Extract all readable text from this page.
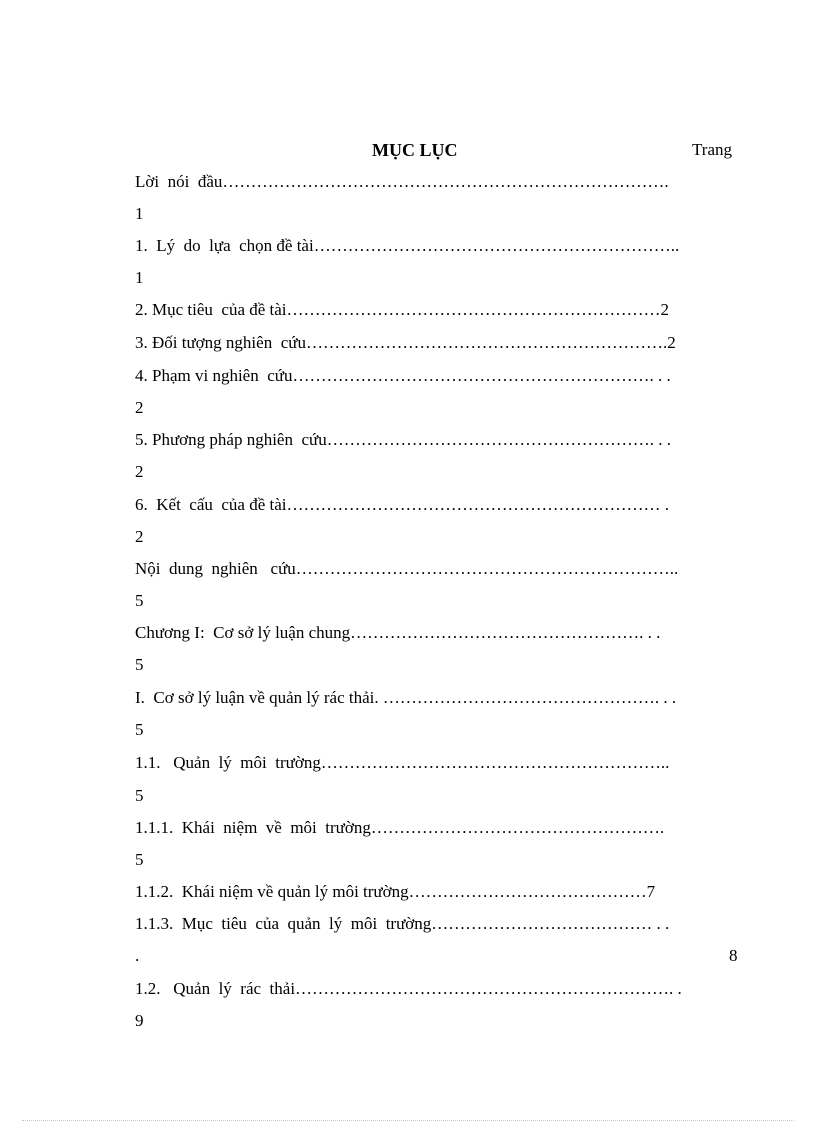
MỤC LỤC	Trang
Lời  nói  đầu…………………………………………………………………….
1
1.  Lý  do  lựa  chọn đề tài………………………………………………………..
1
2. Mục tiêu  của đề tài…………………………………………………………2
3. Đối tượng nghiên  cứu……………………………………………………….2
4. Phạm vi nghiên  cứu………………………………………………………. . .
2
5. Phương pháp nghiên  cứu…………………………………………………. . .
2
6.  Kết  cấu  của đề tài………………………………………………………… .
2
Nội  dung  nghiên   cứu…………………………………………………………..
5
Chương I:  Cơ sở lý luận chung……………………………………………. . .
5
I.  Cơ sở lý luận về quản lý rác thải. …………………………………………. . .
5
1.1.   Quản  lý  môi  trường……………………………………………………..
5
1.1.1.  Khái  niệm  về  môi  trường…………………………………………….
5
1.1.2.  Khái niệm về quản lý môi trường……………………………………7
1.1.3.  Mục  tiêu  của  quản  lý  môi  trường………………………………… . .
.	8
1.2.   Quản  lý  rác  thải…………………………………………………………. .
9
